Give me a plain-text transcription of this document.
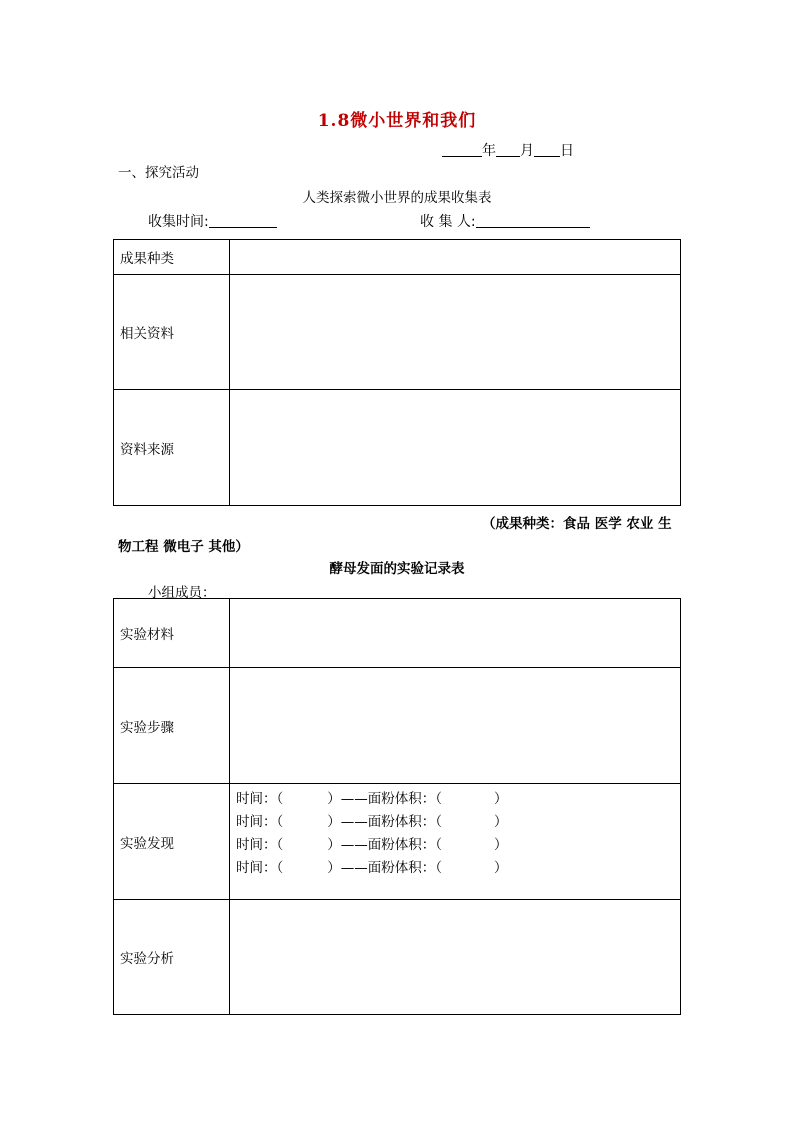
1.8微小世界和我们
年 月 日
一、探究活动
人类探索微小世界的成果收集表
收集时间:	收 集 人:
成果种类	
相关资料	
资料来源	
（成果种类：食品 医学 农业 生
物工程 微电子 其他）
酵母发面的实验记录表
小组成员：
实验材料	
实验步骤	
实验发现	时间：（ ）——面粉体积：（ ）
时间：（ ）——面粉体积：（ ）
时间：（ ）——面粉体积：（ ）
时间：（ ）——面粉体积：（ ）

实验分析	
